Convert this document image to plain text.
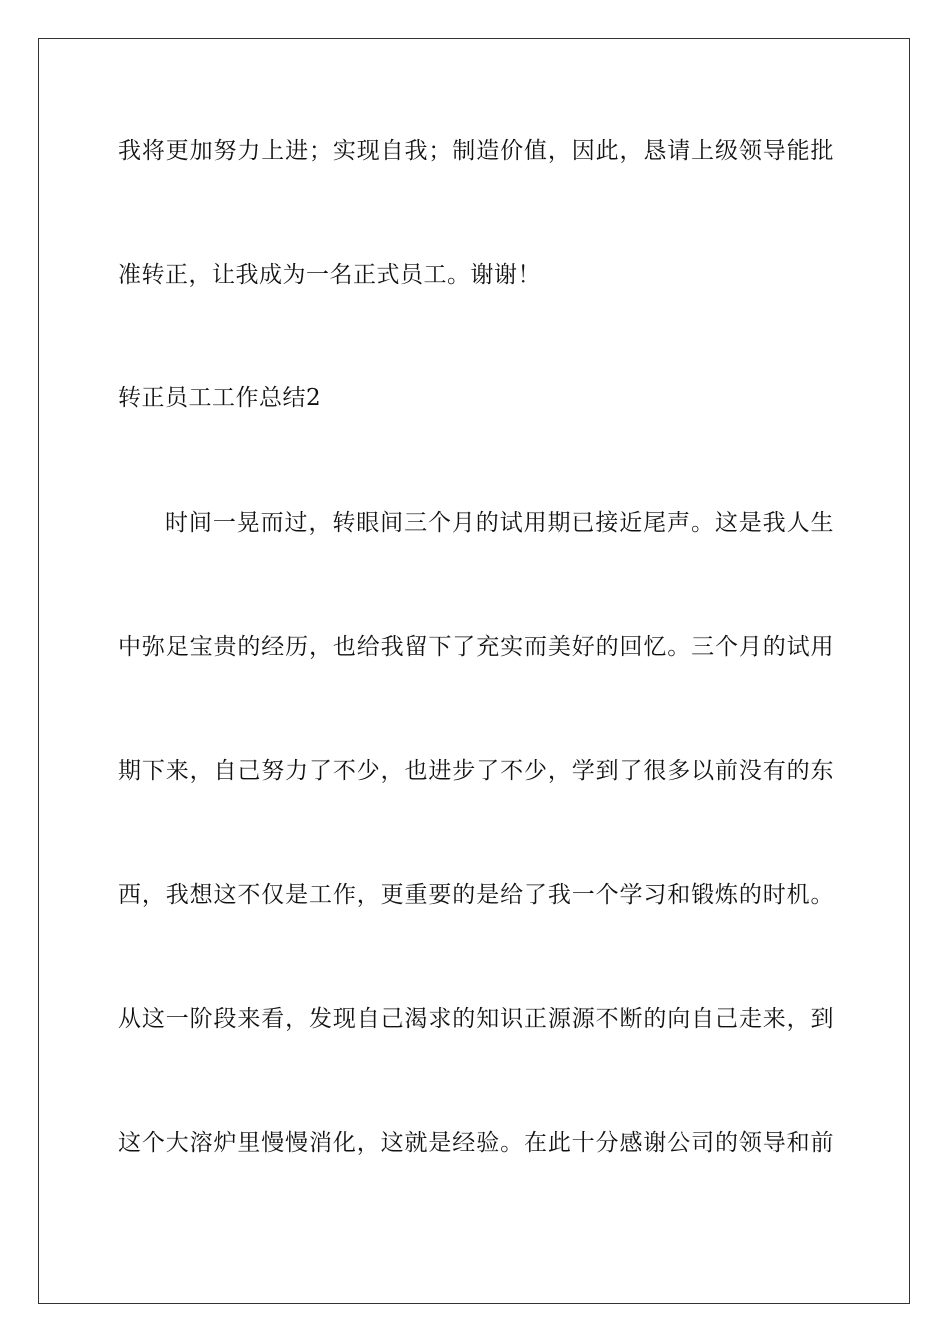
我将更加努力上进；实现自我；制造价值，因此，恳请上级领导能批
准转正，让我成为一名正式员工。谢谢！
转正员工工作总结2
时间一晃而过，转眼间三个月的试用期已接近尾声。这是我人生
中弥足宝贵的经历，也给我留下了充实而美好的回忆。三个月的试用
期下来，自己努力了不少，也进步了不少，学到了很多以前没有的东
西，我想这不仅是工作，更重要的是给了我一个学习和锻炼的时机。
从这一阶段来看，发现自己渴求的知识正源源不断的向自己走来，到
这个大溶炉里慢慢消化，这就是经验。在此十分感谢公司的领导和前
